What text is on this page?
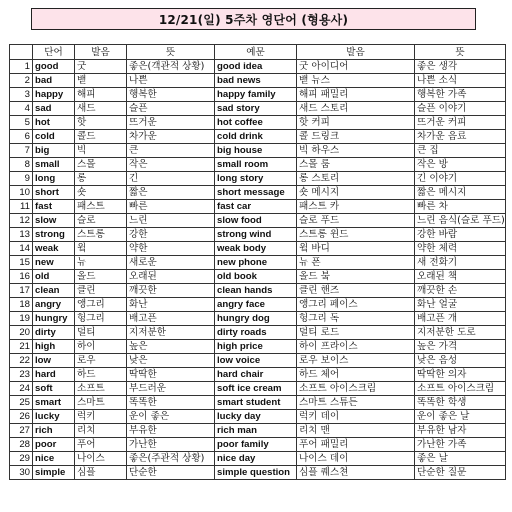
12/21(일) 5주차 영단어 (형용사)
	단어	발음	뜻	예문	발음	뜻
1	good	굿	좋은(객관적 상황)	good idea	굿 아이디어	좋은 생각
2	bad	밷	나쁜	bad news	밷 뉴스	나쁜 소식
3	happy	해피	행복한	happy family	해피 패밀리	행복한 가족
4	sad	새드	슬픈	sad story	새드 스토리	슬픈 이야기
5	hot	핫	뜨거운	hot coffee	핫 커피	뜨거운 커피
6	cold	콜드	차가운	cold drink	콜 드링크	차가운 음료
7	big	빅	큰	big house	빅 하우스	큰 집
8	small	스몰	작은	small room	스몰 룸	작은 방
9	long	롱	긴	long story	롱 스토리	긴 이야기
10	short	숏	짧은	short message	숏 메시지	짧은 메시지
11	fast	패스트	빠른	fast car	패스트 카	빠른 차
12	slow	슬로	느린	slow food	슬로 푸드	느린 음식(슬로 푸드)
13	strong	스트롱	강한	strong wind	스트롱 윈드	강한 바람
14	weak	윜	약한	weak body	윜 바디	약한 체력
15	new	뉴	새로운	new phone	뉴 폰	새 전화기
16	old	올드	오래된	old book	올드 붘	오래된 책
17	clean	클린	깨끗한	clean hands	클린 핸즈	깨끗한 손
18	angry	앵그리	화난	angry face	앵그리 페이스	화난 얼굴
19	hungry	헝그리	배고픈	hungry dog	헝그리 독	배고픈 개
20	dirty	덜티	지저분한	dirty roads	덜티 로드	지저분한 도로
21	high	하이	높은	high price	하이 프라이스	높은 가격
22	low	로우	낮은	low voice	로우 보이스	낮은 음성
23	hard	하드	딱딱한	hard chair	하드 체어	딱딱한 의자
24	soft	소프트	부드러운	soft ice cream	소프트 아이스크림	소프트 아이스크림
25	smart	스마트	똑똑한	smart student	스마트 스튜든	똑똑한 학생
26	lucky	럭키	운이 좋은	lucky day	럭키 데이	운이 좋은 날
27	rich	리치	부유한	rich man	리치 맨	부유한 남자
28	poor	푸어	가난한	poor family	푸어 패밀리	가난한 가족
29	nice	나이스	좋은(주관적 상황)	nice day	나이스 데이	좋은 날
30	simple	심플	단순한	simple question	심플 퀘스쳔	단순한 질문
